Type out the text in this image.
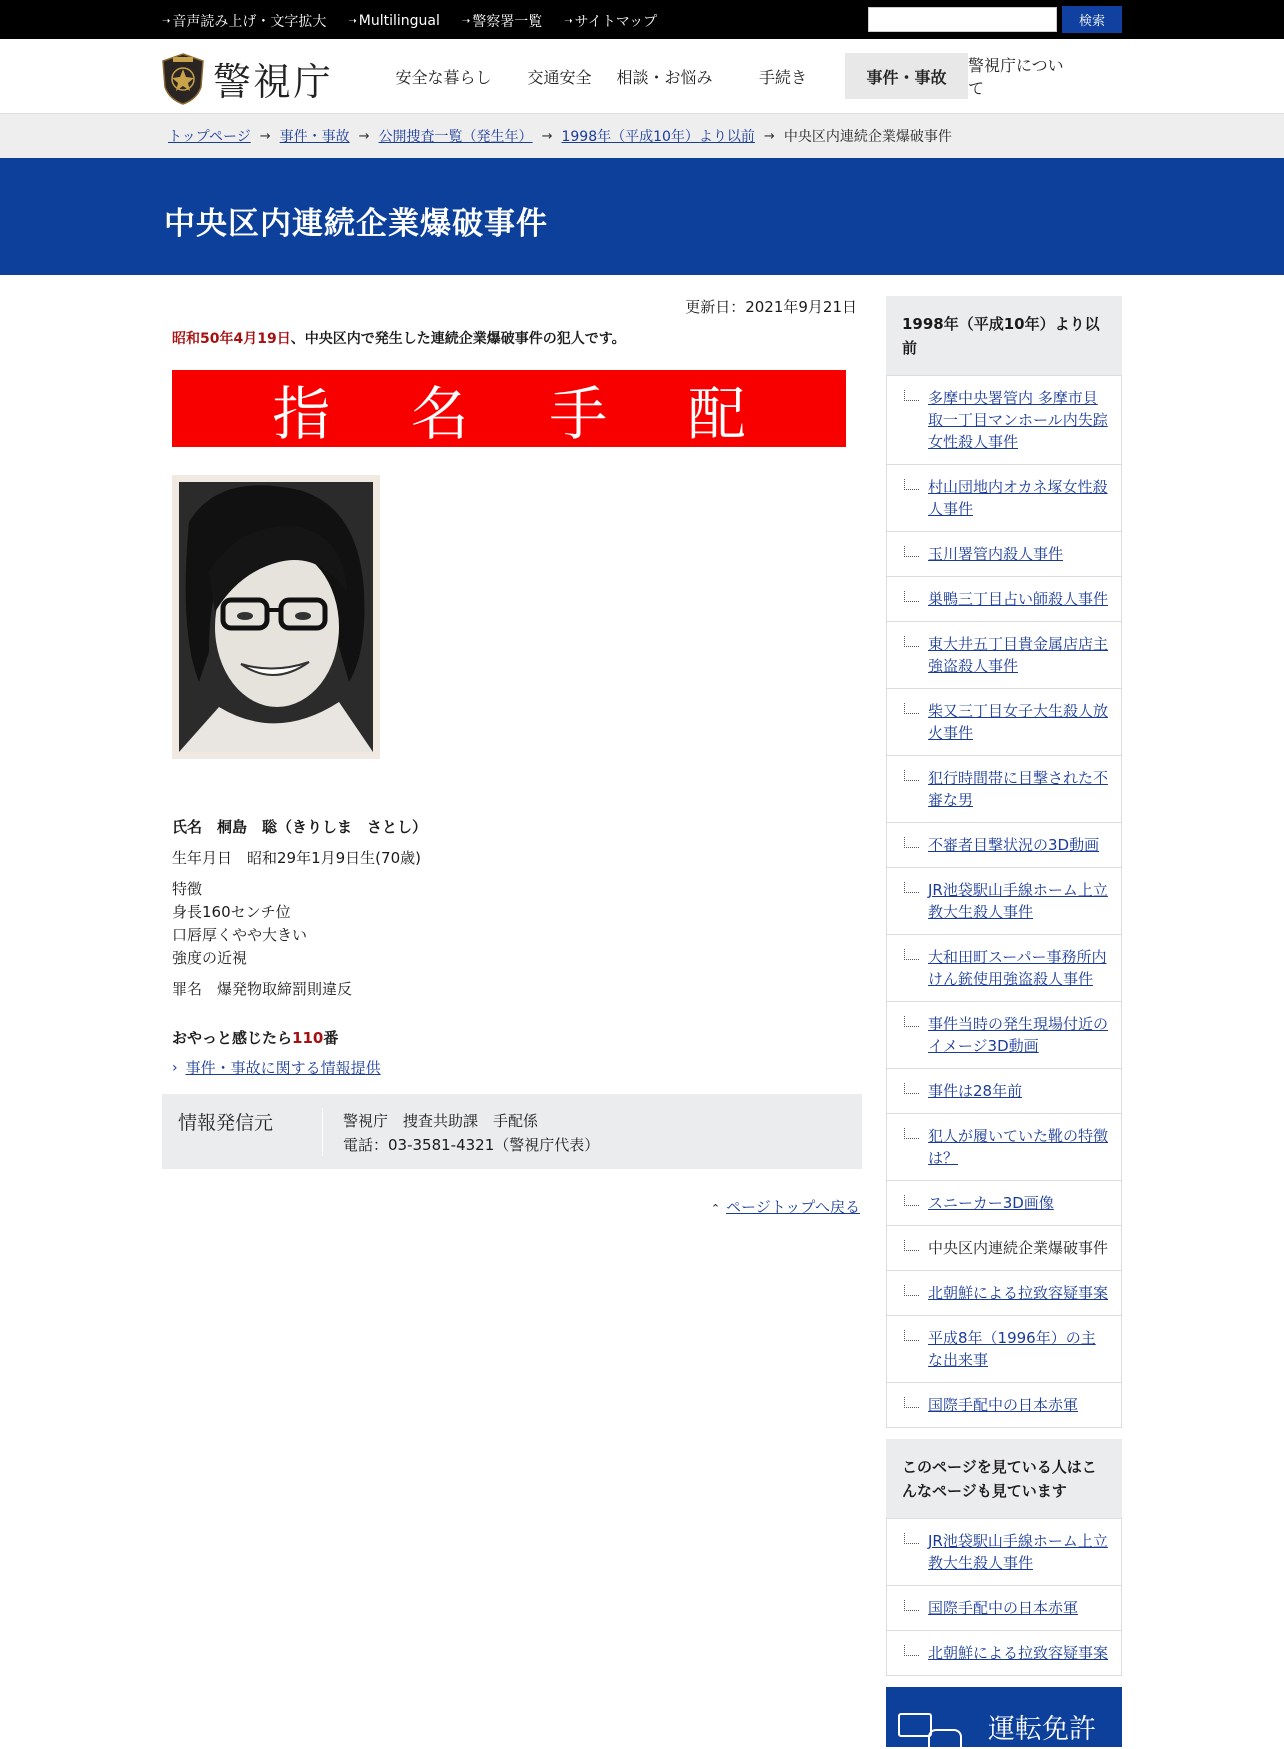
➝ 音声読み上げ・文字拡大 ➝ Multilingual ➝ 警察署一覧 ➝ サイトマップ	検索
警視庁	安全な暮らし	交通安全	相談・お悩み	手続き	事件・事故
警視庁について
トップページ → 事件・事故 → 公開捜査一覧（発生年） → 1998年（平成10年）より以前 → 中央区内連続企業爆破事件
中央区内連続企業爆破事件
更新日：2021年9月21日
昭和50年4月19日、中央区内で発生した連続企業爆破事件の犯人です。
指 名 手 配
氏名　桐島　聡（きりしま　さとし）
生年月日　昭和29年1月9日生(70歳)
特徴
身長160センチ位
口唇厚くやや大きい
強度の近視
罪名　爆発物取締罰則違反
おやっと感じたら110番
› 事件・事故に関する情報提供
情報発信元	警視庁　捜査共助課　手配係
電話：03-3581-4321（警視庁代表）
⌃ ページトップへ戻る
1998年（平成10年）より以前
多摩中央署管内 多摩市貝取一丁目マンホール内失踪女性殺人事件
村山団地内オカネ塚女性殺人事件
玉川署管内殺人事件
巣鴨三丁目占い師殺人事件
東大井五丁目貴金属店店主強盗殺人事件
柴又三丁目女子大生殺人放火事件
犯行時間帯に目撃された不審な男
不審者目撃状況の3D動画
JR池袋駅山手線ホーム上立教大生殺人事件
大和田町スーパー事務所内けん銃使用強盗殺人事件
事件当時の発生現場付近のイメージ3D動画
事件は28年前
犯人が履いていた靴の特徴は？
スニーカー3D画像
中央区内連続企業爆破事件
北朝鮮による拉致容疑事案
平成8年（1996年）の主な出来事
国際手配中の日本赤軍
このページを見ている人はこんなページも見ています
JR池袋駅山手線ホーム上立教大生殺人事件
国際手配中の日本赤軍
北朝鮮による拉致容疑事案
運転免許
